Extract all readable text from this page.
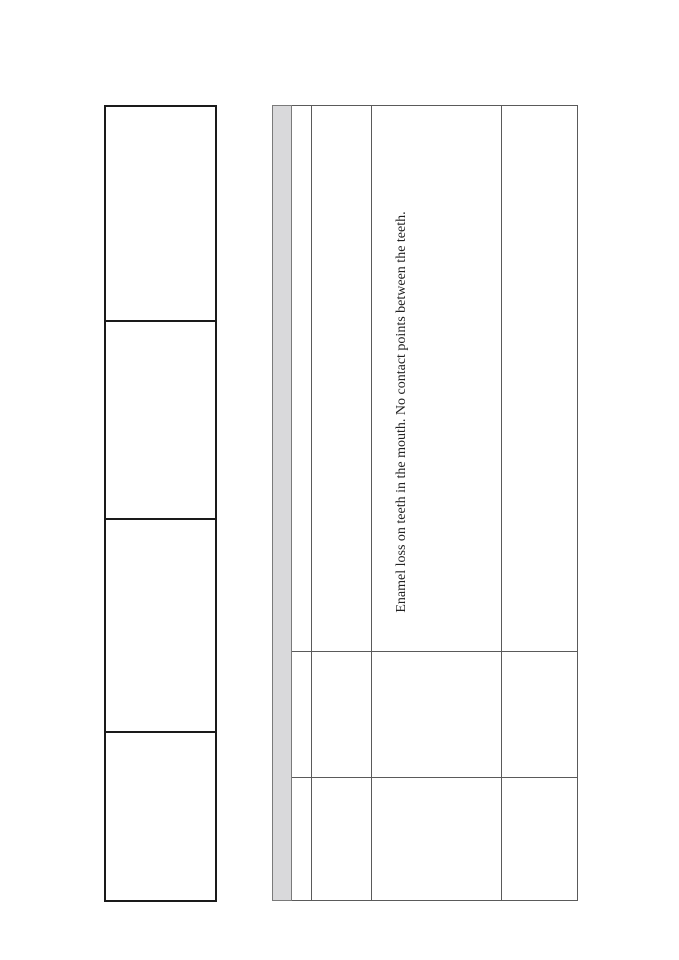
Enamel loss on teeth in the mouth. No contact points between the teeth.
